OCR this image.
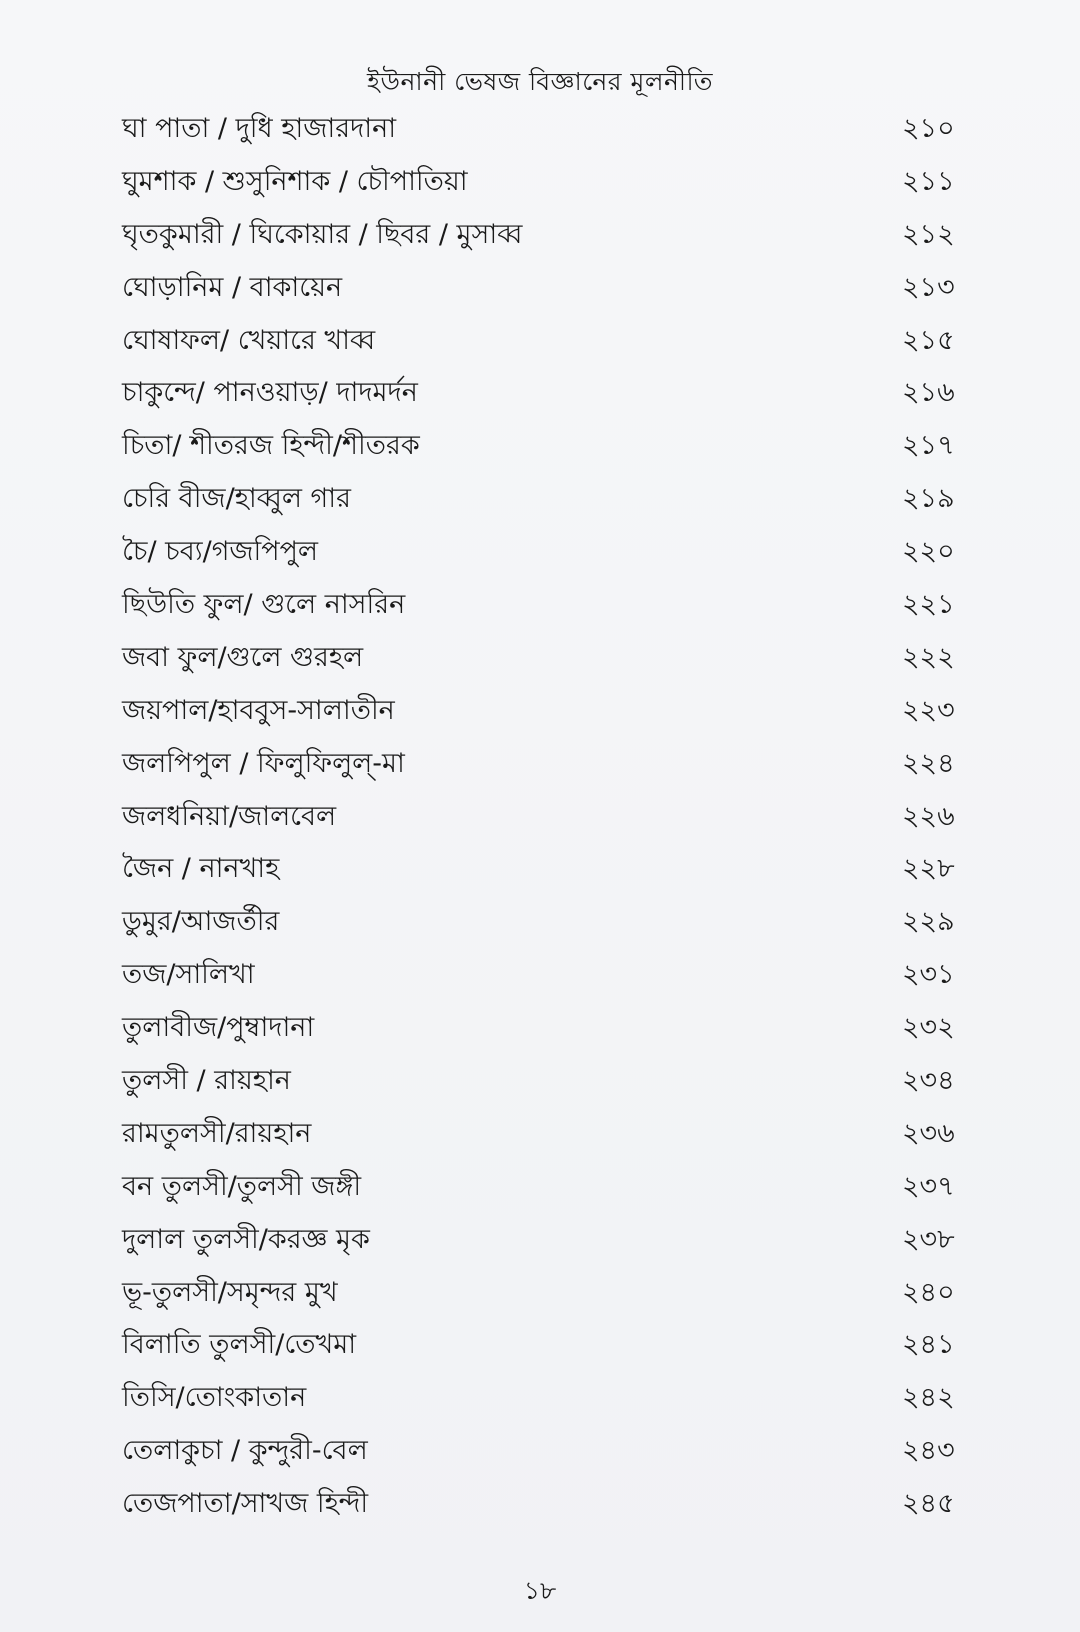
ইউনানী ভেষজ বিজ্ঞানের মূলনীতি
ঘা পাতা / দুধি হাজারদানা	২১০
ঘুমশাক / শুসুনিশাক / চৌপাতিয়া	২১১
ঘৃতকুমারী / ঘিকোয়ার / ছিবর / মুসাব্ব	২১২
ঘোড়ানিম / বাকায়েন	২১৩
ঘোষাফল/ খেয়ারে খাব্ব	২১৫
চাকুন্দে/ পানওয়াড়/ দাদমর্দন	২১৬
চিতা/ শীতরজ হিন্দী/শীতরক	২১৭
চেরি বীজ/হাব্বুল গার	২১৯
চৈ/ চব্য/গজপিপুল	২২০
ছিউতি ফুল/ গুলে নাসরিন	২২১
জবা ফুল/গুলে গুরহল	২২২
জয়পাল/হাববুস-সালাতীন	২২৩
জলপিপুল / ফিলুফিলুল্-মা	২২৪
জলধনিয়া/জালবেল	২২৬
জৈন / নানখাহ	২২৮
ডুমুর/আজর্তীর	২২৯
তজ/সালিখা	২৩১
তুলাবীজ/পুম্বাদানা	২৩২
তুলসী / রায়হান	২৩৪
রামতুলসী/রায়হান	২৩৬
বন তুলসী/তুলসী জঙ্গী	২৩৭
দুলাল তুলসী/করজ্ঞ মৃক	২৩৮
ভূ-তুলসী/সমৃন্দর মুখ	২৪০
বিলাতি তুলসী/তেখমা	২৪১
তিসি/তোংকাতান	২৪২
তেলাকুচা / কুন্দুরী-বেল	২৪৩
তেজপাতা/সাখজ হিন্দী	২৪৫
১৮
